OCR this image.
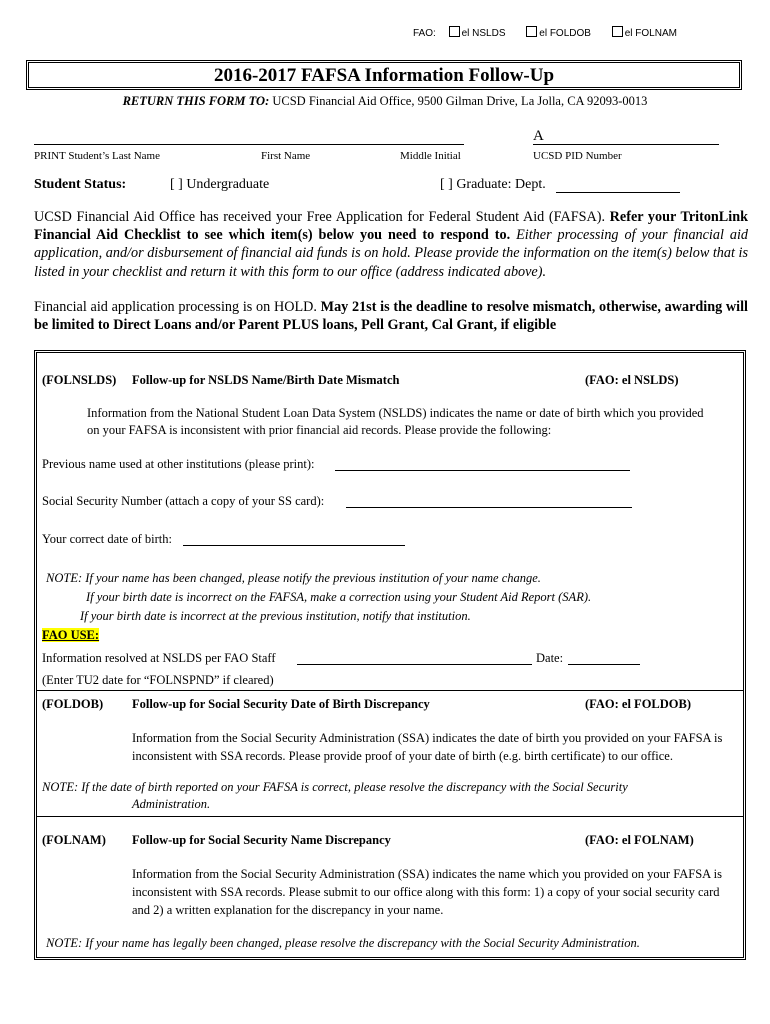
FAO:	el NSLDS	el FOLDOB	el FOLNAM
2016-2017 FAFSA Information Follow-Up
RETURN THIS FORM TO: UCSD Financial Aid Office, 9500 Gilman Drive, La Jolla, CA 92093-0013
A
PRINT Student’s Last Name	First Name	Middle Initial	UCSD PID Number
Student Status:	[ ] Undergraduate	[ ] Graduate: Dept.
UCSD Financial Aid Office has received your Free Application for Federal Student Aid (FAFSA). Refer your TritonLink Financial Aid Checklist to see which item(s) below you need to respond to. Either processing of your financial aid application, and/or disbursement of financial aid funds is on hold. Please provide the information on the item(s) below that is listed in your checklist and return it with this form to our office (address indicated above).
Financial aid application processing is on HOLD. May 21st is the deadline to resolve mismatch, otherwise, awarding will be limited to Direct Loans and/or Parent PLUS loans, Pell Grant, Cal Grant, if eligible
(FOLNSLDS) Follow-up for NSLDS Name/Birth Date Mismatch	(FAO: el NSLDS)
Information from the National Student Loan Data System (NSLDS) indicates the name or date of birth which you provided on your FAFSA is inconsistent with prior financial aid records. Please provide the following:
Previous name used at other institutions (please print):
Social Security Number (attach a copy of your SS card):
Your correct date of birth:
NOTE: If your name has been changed, please notify the previous institution of your name change.
If your birth date is incorrect on the FAFSA, make a correction using your Student Aid Report (SAR).
If your birth date is incorrect at the previous institution, notify that institution.
FAO USE:
Information resolved at NSLDS per FAO Staff	Date:
(Enter TU2 date for “FOLNSPND” if cleared)
(FOLDOB) Follow-up for Social Security Date of Birth Discrepancy	(FAO: el FOLDOB)
Information from the Social Security Administration (SSA) indicates the date of birth you provided on your FAFSA is inconsistent with SSA records. Please provide proof of your date of birth (e.g. birth certificate) to our office.
NOTE: If the date of birth reported on your FAFSA is correct, please resolve the discrepancy with the Social Security
Administration.
(FOLNAM) Follow-up for Social Security Name Discrepancy	(FAO: el FOLNAM)
Information from the Social Security Administration (SSA) indicates the name which you provided on your FAFSA is inconsistent with SSA records. Please submit to our office along with this form: 1) a copy of your social security card and 2) a written explanation for the discrepancy in your name.
NOTE: If your name has legally been changed, please resolve the discrepancy with the Social Security Administration.
